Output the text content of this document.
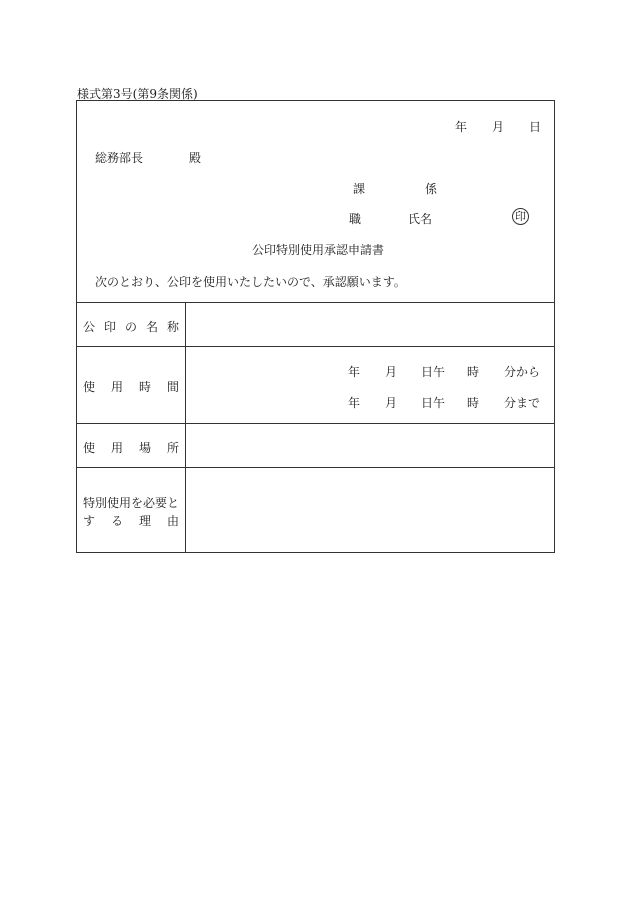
様式第3号(第9条関係)
年 月 日
総務部長	殿
課	係
職	氏名	印
公印特別使用承認申請書
次のとおり、公印を使用いたしたいので、承認願います。
公 印 の 名 称
使 用 時 間
年 月 日午 時 分から
年 月 日午 時 分まで
使 用 場 所
特別使用を必要と
す る 理 由
